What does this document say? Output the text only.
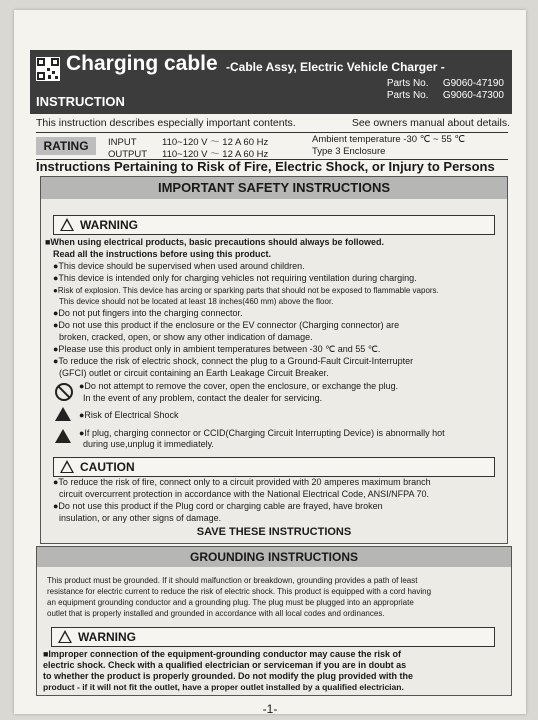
Charging cable -Cable Assy, Electric Vehicle Charger -
Parts No. G9060-47190
Parts No. G9060-47300
INSTRUCTION
This instruction describes especially important contents.	See owners manual about details.
RATING	INPUT	110~120 V ～ 12 A 60 Hz
OUTPUT 110~120 V ～ 12 A 60 Hz
Ambient temperature -30 ℃ ~ 55 ℃
Type 3 Enclosure
Instructions Pertaining to Risk of Fire, Electric Shock, or Injury to Persons
IMPORTANT SAFETY INSTRUCTIONS
WARNING
■When using electrical products, basic precautions should always be followed.
Read all the instructions before using this product.
●This device should be supervised when used around children.
●This device is intended only for charging vehicles not requiring ventilation during charging.
●Risk of explosion. This device has arcing or sparking parts that should not be exposed to flammable vapors.
This device should not be located at least 18 inches(460 mm) above the floor.
●Do not put fingers into the charging connector.
●Do not use this product if the enclosure or the EV connector (Charging connector) are
broken, cracked, open, or show any other indication of damage.
●Please use this product only in ambient temperatures between -30 ℃ and 55 ℃.
●To reduce the risk of electric shock, connect the plug to a Ground-Fault Circuit-Interrupter
(GFCI) outlet or circuit containing an Earth Leakage Circuit Breaker.
●Do not attempt to remove the cover, open the enclosure, or exchange the plug.
In the event of any problem, contact the dealer for servicing.
●Risk of Electrical Shock
●If plug, charging connector or CCID(Charging Circuit Interrupting Device) is abnormally hot
during use,unplug it immediately.
CAUTION
●To reduce the risk of fire, connect only to a circuit provided with 20 amperes maximum branch
circuit overcurrent protection in accordance with the National Electrical Code, ANSI/NFPA 70.
●Do not use this product if the Plug cord or charging cable are frayed, have broken
insulation, or any other signs of damage.
SAVE THESE INSTRUCTIONS
GROUNDING INSTRUCTIONS
This product must be grounded. If it should malfunction or breakdown, grounding provides a path of least
resistance for electric current to reduce the risk of electric shock. This product is equipped with a cord having
an equipment grounding conductor and a grounding plug. The plug must be plugged into an appropriate
outlet that is properly installed and grounded in accordance with all local codes and ordinances.
WARNING
■Improper connection of the equipment-grounding conductor may cause the risk of
electric shock. Check with a qualified electrician or serviceman if you are in doubt as
to whether the product is properly grounded. Do not modify the plug provided with the
product - if it will not fit the outlet, have a proper outlet installed by a qualified electrician.
-1-
